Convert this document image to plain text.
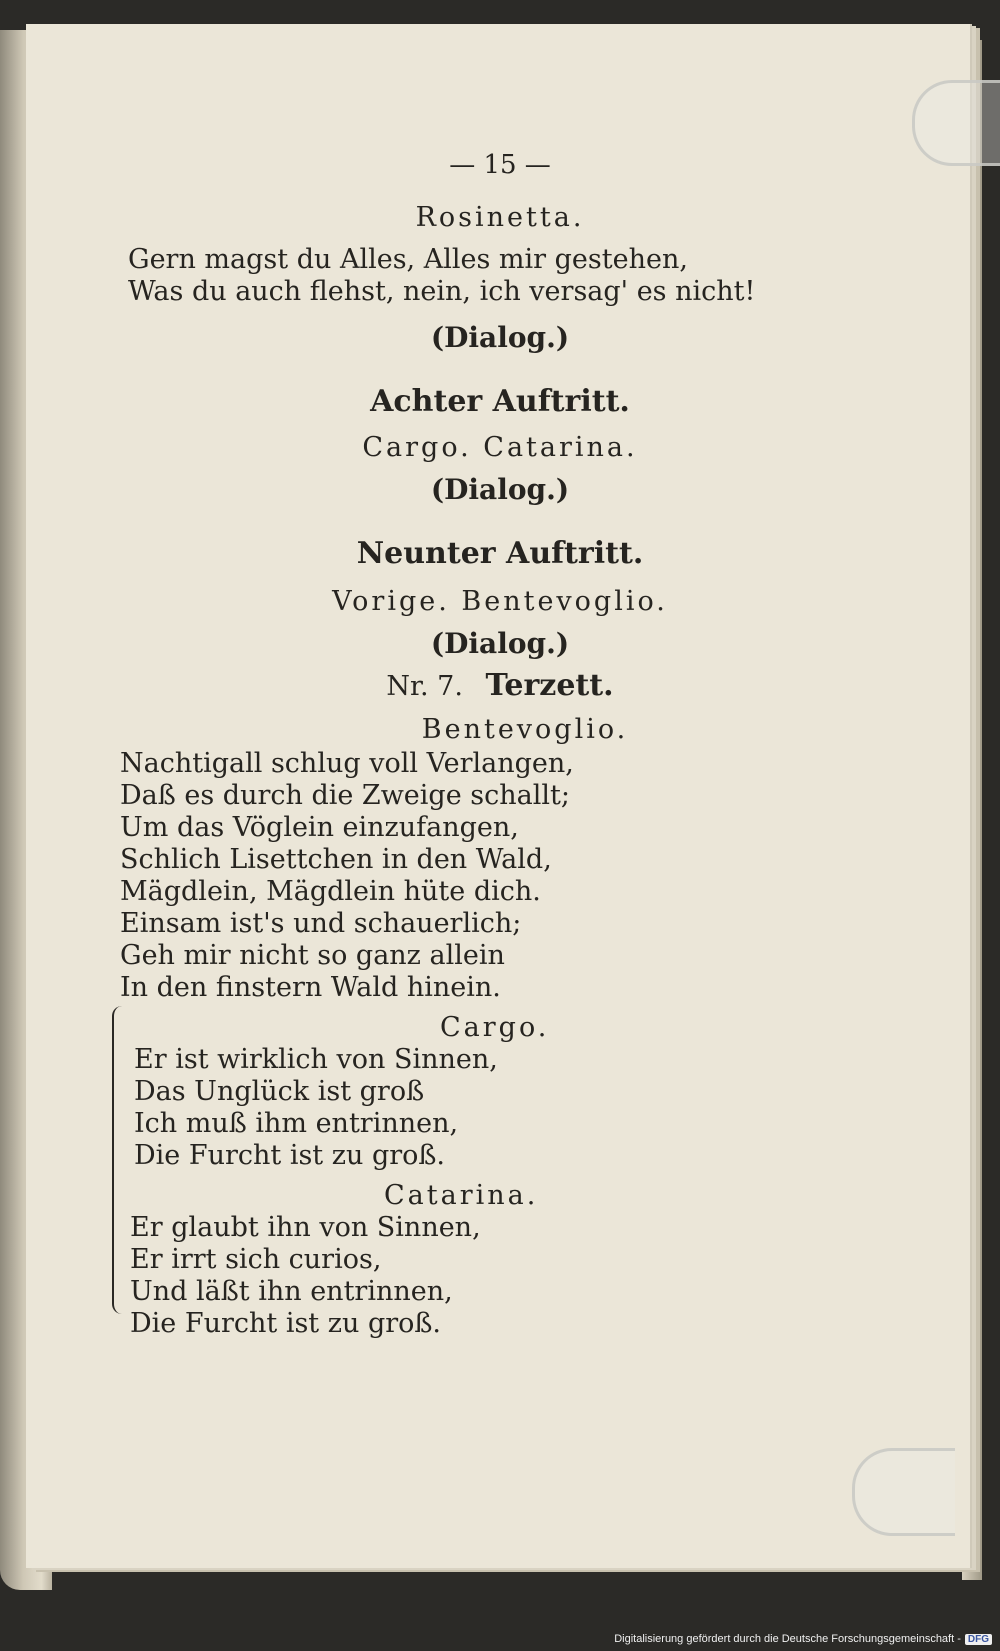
— 15 —
Rosinetta.
Gern magst du Alles, Alles mir gestehen,
Was du auch flehst, nein, ich versag' es nicht!
(Dialog.)
Achter Auftritt.
Cargo. Catarina.
(Dialog.)
Neunter Auftritt.
Vorige. Bentevoglio.
(Dialog.)
Nr. 7. Terzett.
Bentevoglio.
Nachtigall schlug voll Verlangen,
Daß es durch die Zweige schallt;
Um das Vöglein einzufangen,
Schlich Lisettchen in den Wald,
Mägdlein, Mägdlein hüte dich.
Einsam ist's und schauerlich;
Geh mir nicht so ganz allein
In den finstern Wald hinein.
Cargo.
Er ist wirklich von Sinnen,
Das Unglück ist groß
Ich muß ihm entrinnen,
Die Furcht ist zu groß.
Catarina.
Er glaubt ihn von Sinnen,
Er irrt sich curios,
Und läßt ihn entrinnen,
Die Furcht ist zu groß.
Digitalisierung gefördert durch die Deutsche Forschungsgemeinschaft - DFG
